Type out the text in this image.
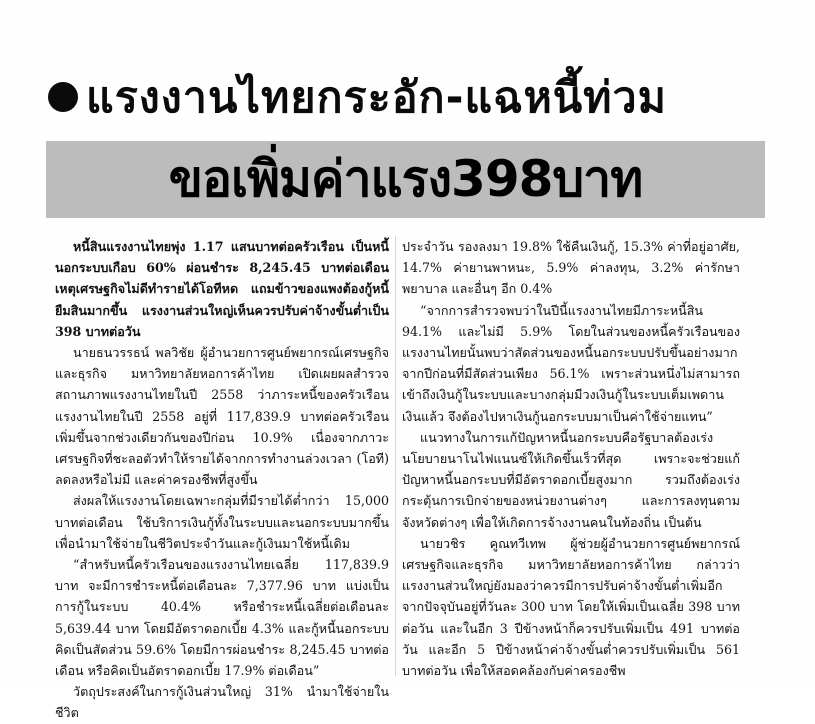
แรงงานไทยกระอัก-แฉหนี้ท่วม
ขอเพิ่มค่าแรง398บาท

หนี้สินแรงงานไทยพุ่ง 1.17 แสนบาทต่อครัวเรือน เป็นหนี้นอกระบบเกือบ 60% ผ่อนชำระ 8,245.45 บาทต่อเดือน เหตุเศรษฐกิจไม่ดีทำรายได้โอทีหด แถมข้าวของแพงต้องกู้หนี้ยืมสินมากขึ้น แรงงานส่วนใหญ่เห็นควรปรับค่าจ้างขั้นต่ำเป็น 398 บาทต่อวัน

นายธนวรรธน์ พลวิชัย ผู้อำนวยการศูนย์พยากรณ์เศรษฐกิจและธุรกิจ มหาวิทยาลัยหอการค้าไทย เปิดเผยผลสำรวจสถานภาพแรงงานไทยในปี 2558 ว่าภาระหนี้ของครัวเรือนแรงงานไทยในปี 2558 อยู่ที่ 117,839.9 บาทต่อครัวเรือน เพิ่มขึ้นจากช่วงเดียวกันของปีก่อน 10.9% เนื่องจากภาวะเศรษฐกิจที่ชะลอตัวทำให้รายได้จากการทำงานล่วงเวลา (โอที) ลดลงหรือไม่มี และค่าครองชีพที่สูงขึ้น

ส่งผลให้แรงงานโดยเฉพาะกลุ่มที่มีรายได้ต่ำกว่า 15,000 บาทต่อเดือน ใช้บริการเงินกู้ทั้งในระบบและนอกระบบมากขึ้น เพื่อนำมาใช้จ่ายในชีวิตประจำวันและกู้เงินมาใช้หนี้เดิม

“สำหรับหนี้ครัวเรือนของแรงงานไทยเฉลี่ย 117,839.9 บาท จะมีการชำระหนี้ต่อเดือนละ 7,377.96 บาท แบ่งเป็น การกู้ในระบบ 40.4% หรือชำระหนี้เฉลี่ยต่อเดือนละ 5,639.44 บาท โดยมีอัตราดอกเบี้ย 4.3% และกู้หนี้นอกระบบคิดเป็นสัดส่วน 59.6% โดยมีการผ่อนชำระ 8,245.45 บาทต่อเดือน หรือคิดเป็นอัตราดอกเบี้ย 17.9% ต่อเดือน”

วัตถุประสงค์ในการกู้เงินส่วนใหญ่ 31% นำมาใช้จ่ายในชีวิต

ประจำวัน รองลงมา 19.8% ใช้คืนเงินกู้, 15.3% ค่าที่อยู่อาศัย, 14.7% ค่ายานพาหนะ, 5.9% ค่าลงทุน, 3.2% ค่ารักษาพยาบาล และอื่นๆ อีก 0.4%

“จากการสำรวจพบว่าในปีนี้แรงงานไทยมีภาระหนี้สิน 94.1% และไม่มี 5.9% โดยในส่วนของหนี้ครัวเรือนของแรงงานไทยนั้นพบว่าสัดส่วนของหนี้นอกระบบปรับขึ้นอย่างมากจากปีก่อนที่มีสัดส่วนเพียง 56.1% เพราะส่วนหนึ่งไม่สามารถเข้าถึงเงินกู้ในระบบและบางกลุ่มมีวงเงินกู้ในระบบเต็มเพดานเงินแล้ว จึงต้องไปหาเงินกู้นอกระบบมาเป็นค่าใช้จ่ายแทน”

แนวทางในการแก้ปัญหาหนี้นอกระบบคือรัฐบาลต้องเร่งนโยบายนาโนไฟแนนซ์ให้เกิดขึ้นเร็วที่สุด เพราะจะช่วยแก้ปัญหาหนี้นอกระบบที่มีอัตราดอกเบี้ยสูงมาก รวมถึงต้องเร่งกระตุ้นการเบิกจ่ายของหน่วยงานต่างๆ และการลงทุนตามจังหวัดต่างๆ เพื่อให้เกิดการจ้างงานคนในท้องถิ่น เป็นต้น

นายวชิร คูณทวีเทพ ผู้ช่วยผู้อำนวยการศูนย์พยากรณ์เศรษฐกิจและธุรกิจ มหาวิทยาลัยหอการค้าไทย กล่าวว่าแรงงานส่วนใหญ่ยังมองว่าควรมีการปรับค่าจ้างขั้นต่ำเพิ่มอีกจากปัจจุบันอยู่ที่วันละ 300 บาท โดยให้เพิ่มเป็นเฉลี่ย 398 บาทต่อวัน และในอีก 3 ปีข้างหน้าก็ควรปรับเพิ่มเป็น 491 บาทต่อวัน และอีก 5 ปีข้างหน้าค่าจ้างขั้นต่ำควรปรับเพิ่มเป็น 561 บาทต่อวัน เพื่อให้สอดคล้องกับค่าครองชีพ
